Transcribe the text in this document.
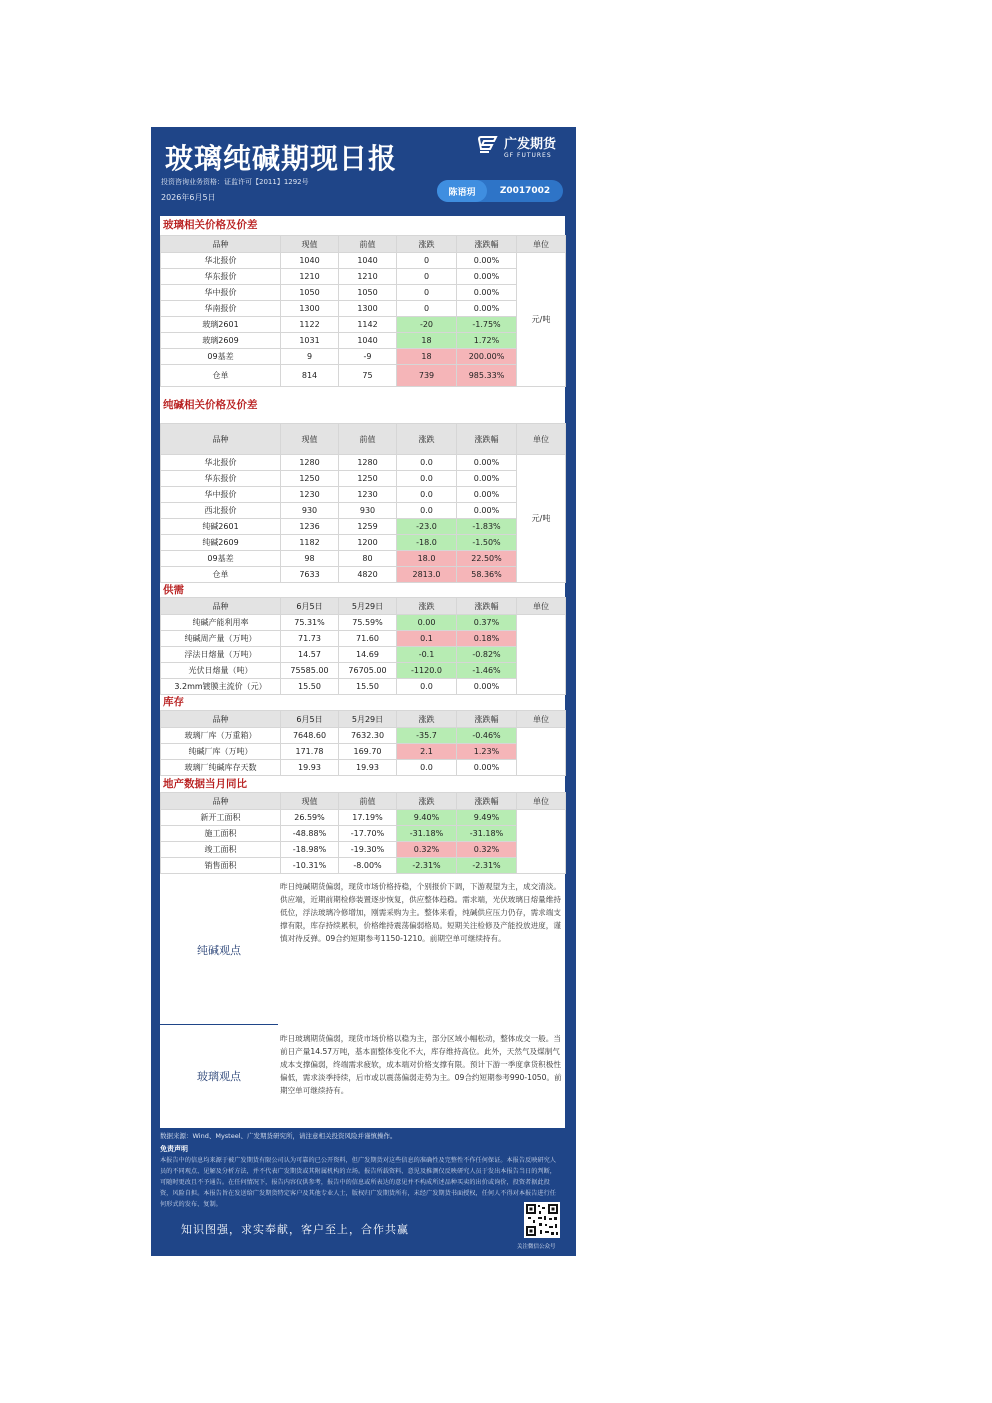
玻璃纯碱期现日报	广发期货
GF FUTURES
投资咨询业务资格：证监许可【2011】1292号
2026年6月5日	陈语玥	Z0017002
玻璃相关价格及价差
品种	现值	前值	涨跌	涨跌幅	单位
华北报价	1040	1040	0	0.00%	元/吨
华东报价	1210	1210	0	0.00%	
华中报价	1050	1050	0	0.00%	
华南报价	1300	1300	0	0.00%	
玻璃2601	1122	1142	-20	-1.75%	
玻璃2609	1031	1040	18	1.72%	
09基差	9	-9	18	200.00%	
仓单	814	75	739	985.33%	
纯碱相关价格及价差
品种	现值	前值	涨跌	涨跌幅	单位
华北报价	1280	1280	0.0	0.00%	元/吨
华东报价	1250	1250	0.0	0.00%	
华中报价	1230	1230	0.0	0.00%	
西北报价	930	930	0.0	0.00%	
纯碱2601	1236	1259	-23.0	-1.83%	
纯碱2609	1182	1200	-18.0	-1.50%	
09基差	98	80	18.0	22.50%	
仓单	7633	4820	2813.0	58.36%	
供需
品种	6月5日	5月29日	涨跌	涨跌幅	单位
纯碱产能利用率	75.31%	75.59%	0.00	0.37%	
纯碱周产量（万吨）	71.73	71.60	0.1	0.18%	
浮法日熔量（万吨）	14.57	14.69	-0.1	-0.82%	
光伏日熔量（吨）	75585.00	76705.00	-1120.0	-1.46%	
3.2mm镀膜主流价（元）	15.50	15.50	0.0	0.00%	
库存
品种	6月5日	5月29日	涨跌	涨跌幅	单位
玻璃厂库（万重箱）	7648.60	7632.30	-35.7	-0.46%	
纯碱厂库（万吨）	171.78	169.70	2.1	1.23%	
玻璃厂纯碱库存天数	19.93	19.93	0.0	0.00%	
地产数据当月同比
品种	现值	前值	涨跌	涨跌幅	单位
新开工面积	26.59%	17.19%	9.40%	9.49%	
施工面积	-48.88%	-17.70%	-31.18%	-31.18%	
竣工面积	-18.98%	-19.30%	0.32%	0.32%	
销售面积	-10.31%	-8.00%	-2.31%	-2.31%	
纯碱观点
昨日纯碱期货偏弱，现货市场价格持稳，个别报价下调，下游观望为主，成交清淡。供应端，近期前期检修装置逐步恢复，供应整体趋稳。需求端，光伏玻璃日熔量维持低位，浮法玻璃冷修增加，刚需采购为主。整体来看，纯碱供应压力仍存，需求端支撑有限，库存持续累积，价格维持震荡偏弱格局。短期关注检修及产能投放进度，谨慎对待反弹。09合约短期参考1150-1210。前期空单可继续持有。
玻璃观点
昨日玻璃期货偏弱，现货市场价格以稳为主，部分区域小幅松动，整体成交一般。当前日产量14.57万吨，基本面整体变化不大，库存维持高位。此外，天然气及煤制气成本支撑偏弱，终端需求疲软，成本端对价格支撑有限。预计下游一季度拿货积极性偏低，需求淡季持续，后市或以震荡偏弱走势为主。09合约短期参考990-1050。前期空单可继续持有。
数据来源：Wind、Mysteel、广发期货研究所，请注意相关投资风险并谨慎操作。
免责声明
本报告中的信息均来源于被广发期货有限公司认为可靠的已公开资料，但广发期货对这些信息的准确性及完整性不作任何保证。本报告反映研究人员的不同观点、见解及分析方法，并不代表广发期货或其附属机构的立场。报告所载资料、意见及推测仅反映研究人员于发出本报告当日的判断，可随时更改且不予通告。在任何情况下，报告内容仅供参考，报告中的信息或所表达的意见并不构成所述品种买卖的出价或询价，投资者据此投资，风险自担。本报告旨在发送给广发期货特定客户及其他专业人士，版权归广发期货所有，未经广发期货书面授权，任何人不得对本报告进行任何形式的发布、复制。
知识图强，求实奉献，客户至上，合作共赢
关注微信公众号
